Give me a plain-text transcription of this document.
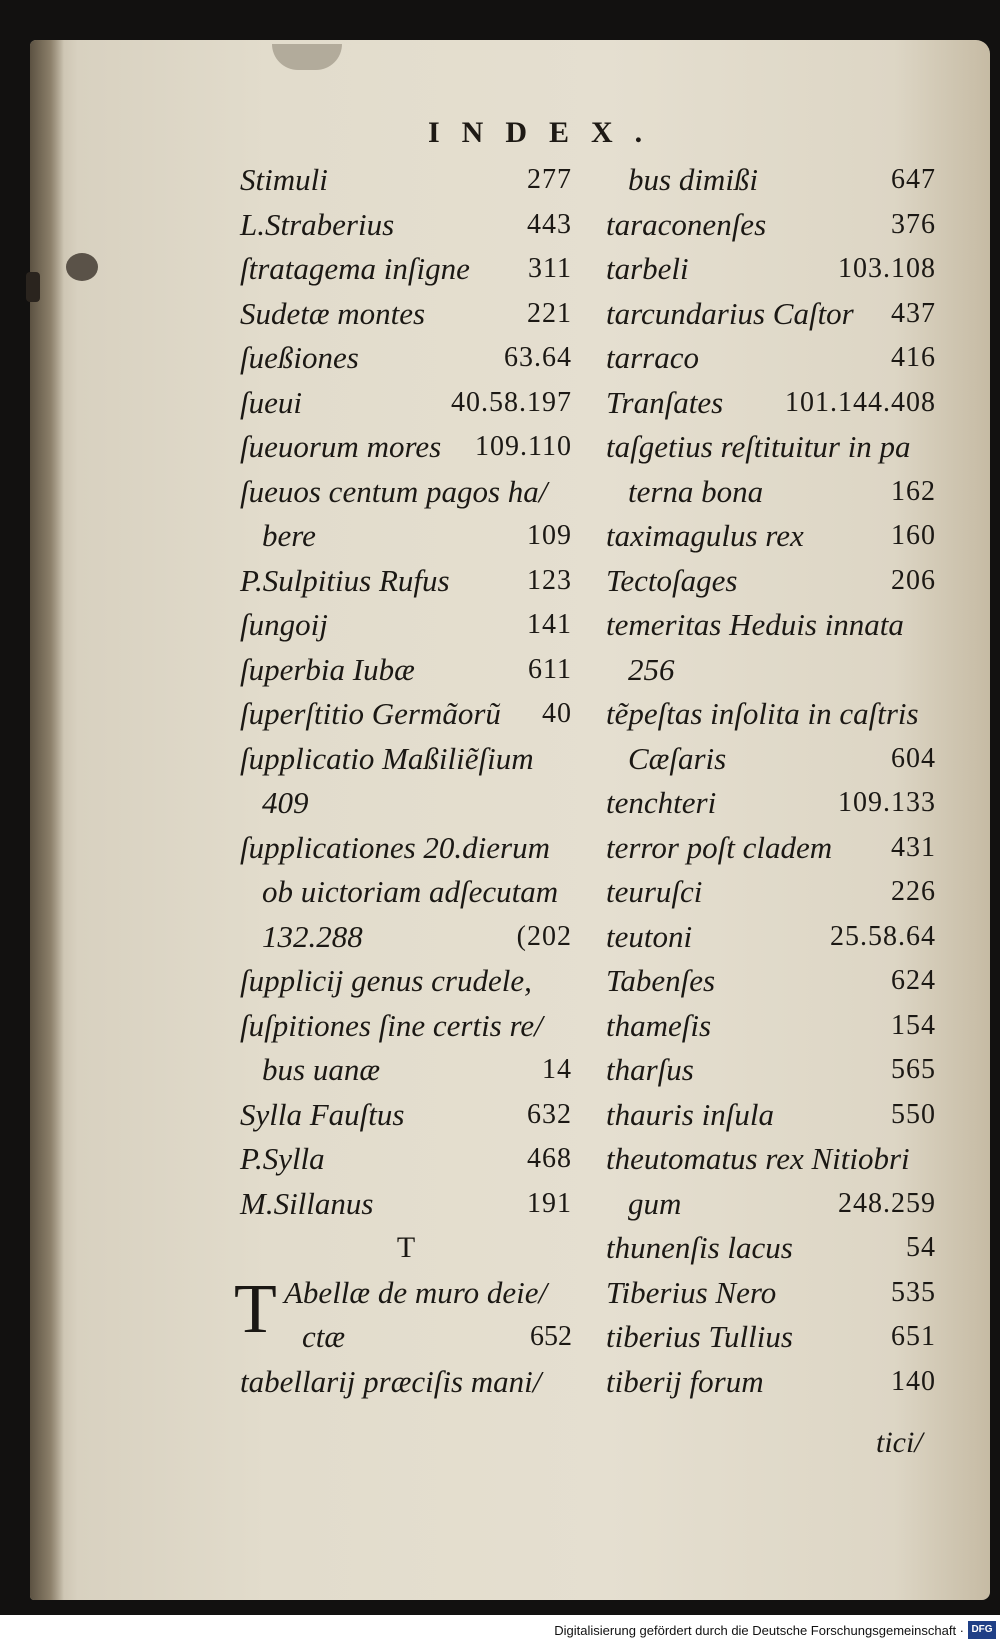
INDEX.
Stimuli	277
L.Straberius	443
ſtratagema inſigne 311
Sudetæ montes	221
ſueßiones	63.64
ſueui	40.58.197
ſueuorum mores 109.110
ſueuos centum pagos ha/
bere	109
P.Sulpitius Rufus	123
ſungoij	141
ſuperbia Iubæ	611
ſuperſtitio Germãorũ 40
ſupplicatio Maßiliẽſium
409
ſupplicationes 20.dierum
ob uictoriam adſecutam
132.288	(202
ſupplicij genus crudele,
ſuſpitiones ſine certis re/
bus uanæ	14
Sylla Fauſtus	632
P.Sylla	468
M.Sillanus	191
T
T Abellæ de muro deie/
ctæ	652
tabellarij præciſis mani/
bus dimißi	647
taraconenſes	376
tarbeli	103.108
tarcundarius Caſtor 437
tarraco	416
Tranſates 101.144.408
taſgetius reſtituitur in pa
terna bona	162
taximagulus rex	160
Tectoſages	206
temeritas Heduis innata
256
tẽpeſtas inſolita in caſtris
Cæſaris	604
tenchteri	109.133
terror poſt cladem 431
teuruſci	226
teutoni	25.58.64
Tabenſes	624
thameſis	154
tharſus	565
thauris inſula	550
theutomatus rex Nitiobri
gum	248.259
thunenſis lacus	54
Tiberius Nero	535
tiberius Tullius	651
tiberij forum	140
tici/
Digitalisierung gefördert durch die Deutsche Forschungsgemeinschaft · DFG
